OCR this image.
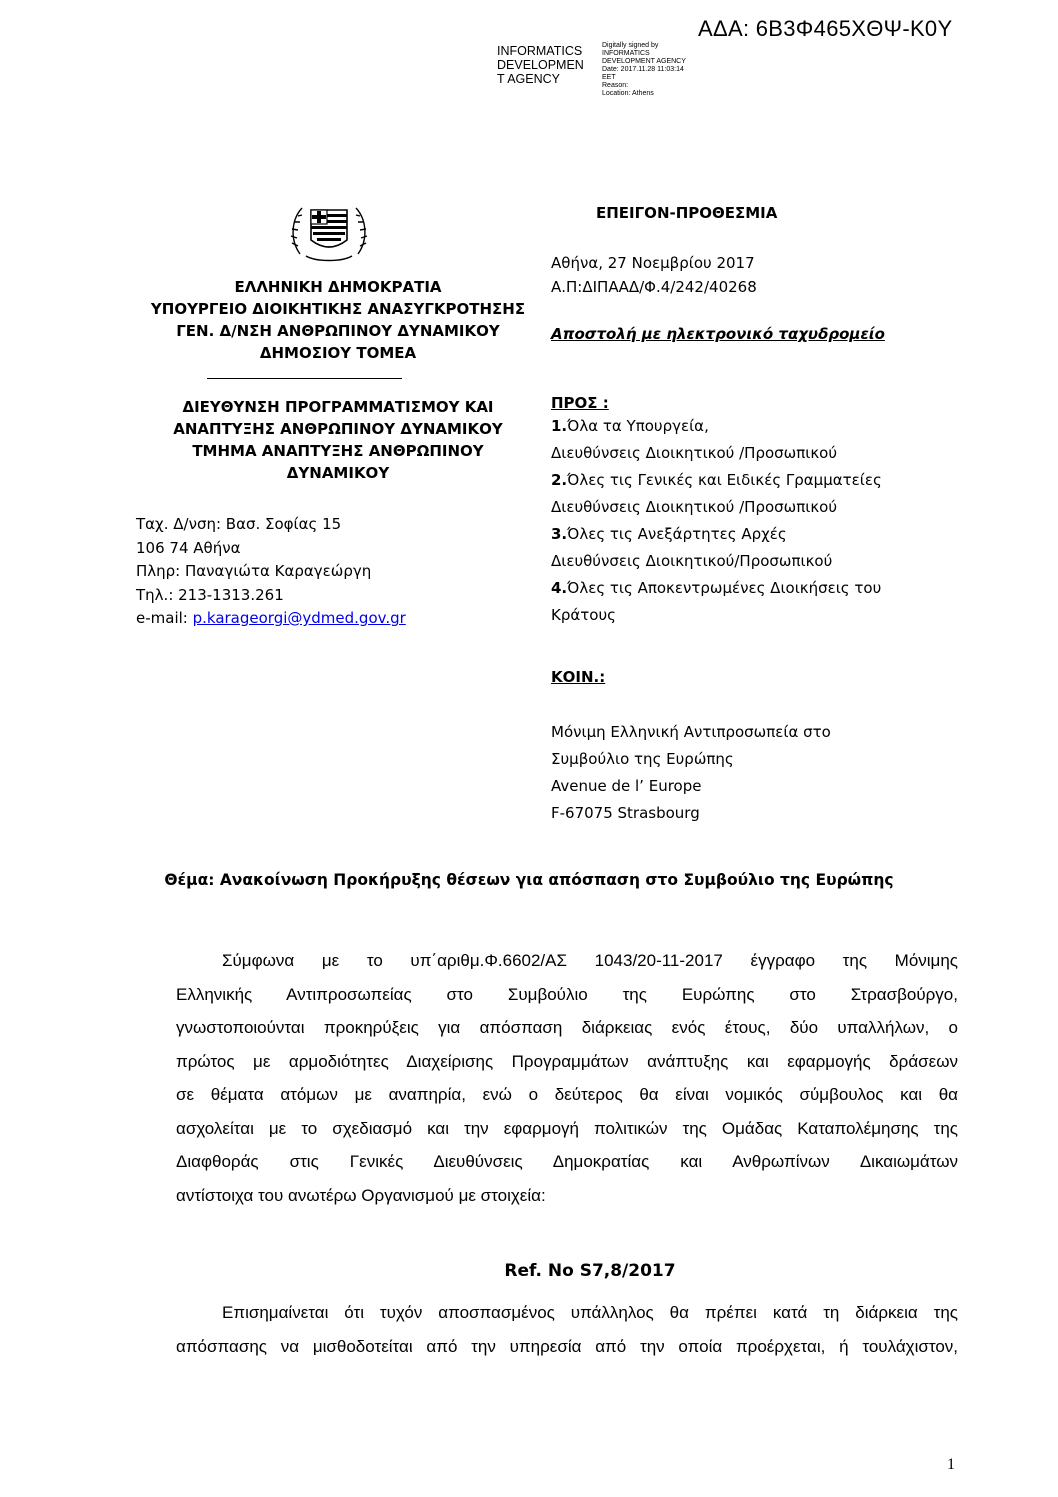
ΑΔΑ: 6Β3Φ465ΧΘΨ-Κ0Υ
INFORMATICS
DEVELOPMEN
T AGENCY
Digitally signed by
INFORMATICS
DEVELOPMENT AGENCY
Date: 2017.11.28 11:03:14
EET
Reason:
Location: Athens
ΕΛΛΗΝΙΚΗ ΔΗΜΟΚΡΑΤΙΑ
ΥΠΟΥΡΓΕΙΟ ΔΙΟΙΚΗΤΙΚΗΣ ΑΝΑΣΥΓΚΡΟΤΗΣΗΣ
ΓΕΝ. Δ/ΝΣΗ ΑΝΘΡΩΠΙΝΟΥ ΔΥΝΑΜΙΚΟΥ
ΔΗΜΟΣΙΟΥ ΤΟΜΕΑ
ΔΙΕΥΘΥΝΣΗ ΠΡΟΓΡΑΜΜΑΤΙΣΜΟΥ ΚΑΙ
ΑΝΑΠΤΥΞΗΣ ΑΝΘΡΩΠΙΝΟΥ ΔΥΝΑΜΙΚΟΥ
ΤΜΗΜΑ ΑΝΑΠΤΥΞΗΣ ΑΝΘΡΩΠΙΝΟΥ
ΔΥΝΑΜΙΚΟΥ
Ταχ. Δ/νση: Βασ. Σοφίας 15
106 74 Αθήνα
Πληρ: Παναγιώτα Καραγεώργη
Τηλ.: 213-1313.261
e-mail: p.karageorgi@ydmed.gov.gr
ΕΠΕΙΓΟΝ-ΠΡΟΘΕΣΜΙΑ
Αθήνα, 27 Νοεμβρίου 2017
Α.Π:ΔΙΠΑΑΔ/Φ.4/242/40268
Αποστολή με ηλεκτρονικό ταχυδρομείο
ΠΡΟΣ :
1.Όλα τα Υπουργεία,
Διευθύνσεις Διοικητικού /Προσωπικού
2.Όλες τις Γενικές και Ειδικές Γραμματείες
Διευθύνσεις Διοικητικού /Προσωπικού
3.Όλες τις Ανεξάρτητες Αρχές
Διευθύνσεις Διοικητικού/Προσωπικού
4.Όλες τις Αποκεντρωμένες Διοικήσεις του
Κράτους
ΚΟΙΝ.:
Μόνιμη Ελληνική Αντιπροσωπεία στο
Συμβούλιο της Ευρώπης
Avenue de l’ Europe
F-67075 Strasbourg
Θέμα: Ανακοίνωση Προκήρυξης θέσεων για απόσπαση στο Συμβούλιο της Ευρώπης
Σύμφωνα με το υπ΄αριθμ.Φ.6602/ΑΣ 1043/20-11-2017 έγγραφο της Μόνιμης
Ελληνικής Αντιπροσωπείας στο Συμβούλιο της Ευρώπης στο Στρασβούργο,
γνωστοποιούνται προκηρύξεις για απόσπαση διάρκειας ενός έτους, δύο υπαλλήλων, ο
πρώτος με αρμοδιότητες Διαχείρισης Προγραμμάτων ανάπτυξης και εφαρμογής δράσεων
σε θέματα ατόμων με αναπηρία, ενώ ο δεύτερος θα είναι νομικός σύμβουλος και θα
ασχολείται με το σχεδιασμό και την εφαρμογή πολιτικών της Ομάδας Καταπολέμησης της
Διαφθοράς στις Γενικές Διευθύνσεις Δημοκρατίας και Ανθρωπίνων Δικαιωμάτων
αντίστοιχα του ανωτέρω Οργανισμού με στοιχεία:
Ref. No S7,8/2017
Επισημαίνεται ότι τυχόν αποσπασμένος υπάλληλος θα πρέπει κατά τη διάρκεια της
απόσπασης να μισθοδοτείται από την υπηρεσία από την οποία προέρχεται, ή τουλάχιστον,
1
